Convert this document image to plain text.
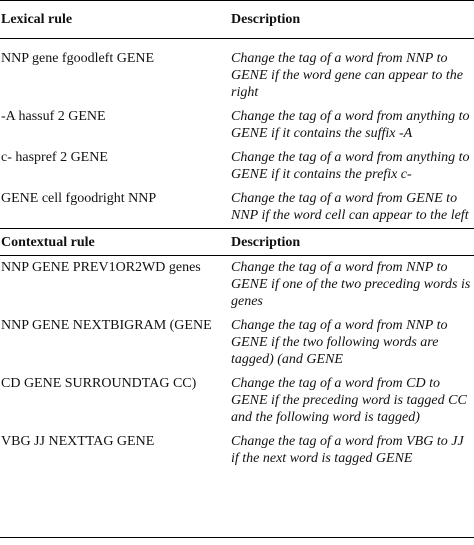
Lexical rule	Description
NNP gene fgoodleft GENE	Change the tag of a word from NNP to GENE if the word gene can appear to the right
-A hassuf 2 GENE	Change the tag of a word from anything to GENE if it contains the suffix -A
c- haspref 2 GENE	Change the tag of a word from anything to GENE if it contains the prefix c-
GENE cell fgoodright NNP	Change the tag of a word from GENE to NNP if the word cell can appear to the left
Contextual rule	Description
NNP GENE PREV1OR2WD genes	Change the tag of a word from NNP to GENE if one of the two preceding words is genes
NNP GENE NEXTBIGRAM (GENE	Change the tag of a word from NNP to GENE if the two following words are tagged) (and GENE
CD GENE SURROUNDTAG CC)	Change the tag of a word from CD to GENE if the preceding word is tagged CC and the following word is tagged)
VBG JJ NEXTTAG GENE	Change the tag of a word from VBG to JJ if the next word is tagged GENE
